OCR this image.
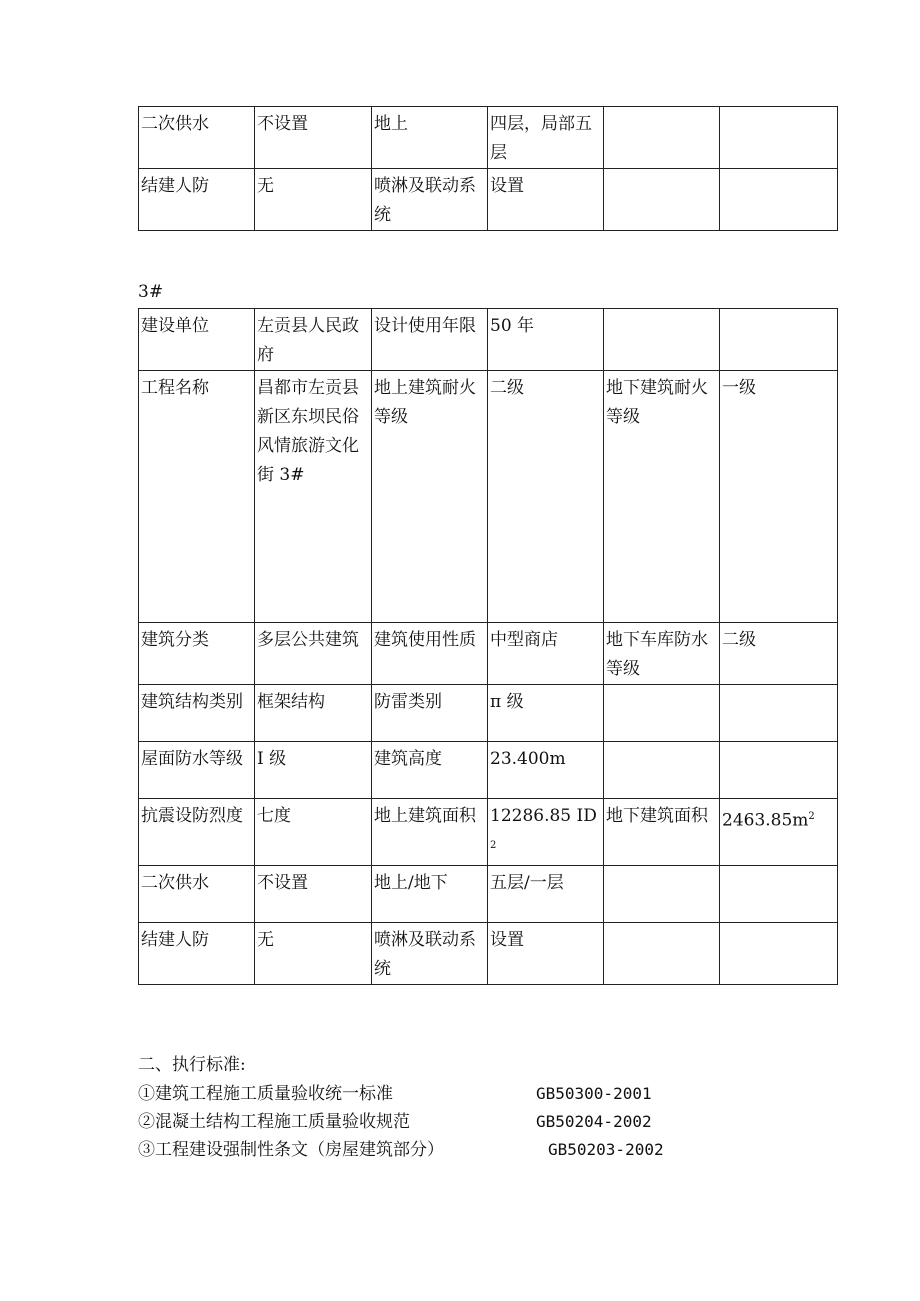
二次供水	不设置	地上	四层，局部五层		
结建人防	无	喷淋及联动系统	设置		
3#
建设单位	左贡县人民政府	设计使用年限	50 年		
工程名称	昌都市左贡县新区东坝民俗风情旅游文化街 3#	地上建筑耐火等级	二级	地下建筑耐火等级	一级
建筑分类	多层公共建筑	建筑使用性质	中型商店	地下车库防水等级	二级
建筑结构类别	框架结构	防雷类别	π 级		
屋面防水等级	I 级	建筑高度	23.400m		
抗震设防烈度	七度	地上建筑面积	12286.85 $ID^2$	地下建筑面积	$2463.85m^2$
二次供水	不设置	地上/地下	五层/一层		
结建人防	无	喷淋及联动系统	设置		
二、执行标准:
①建筑工程施工质量验收统一标准	GB50300-2001
②混凝土结构工程施工质量验收规范	GB50204-2002
③工程建设强制性条文（房屋建筑部分）	GB50203-2002
